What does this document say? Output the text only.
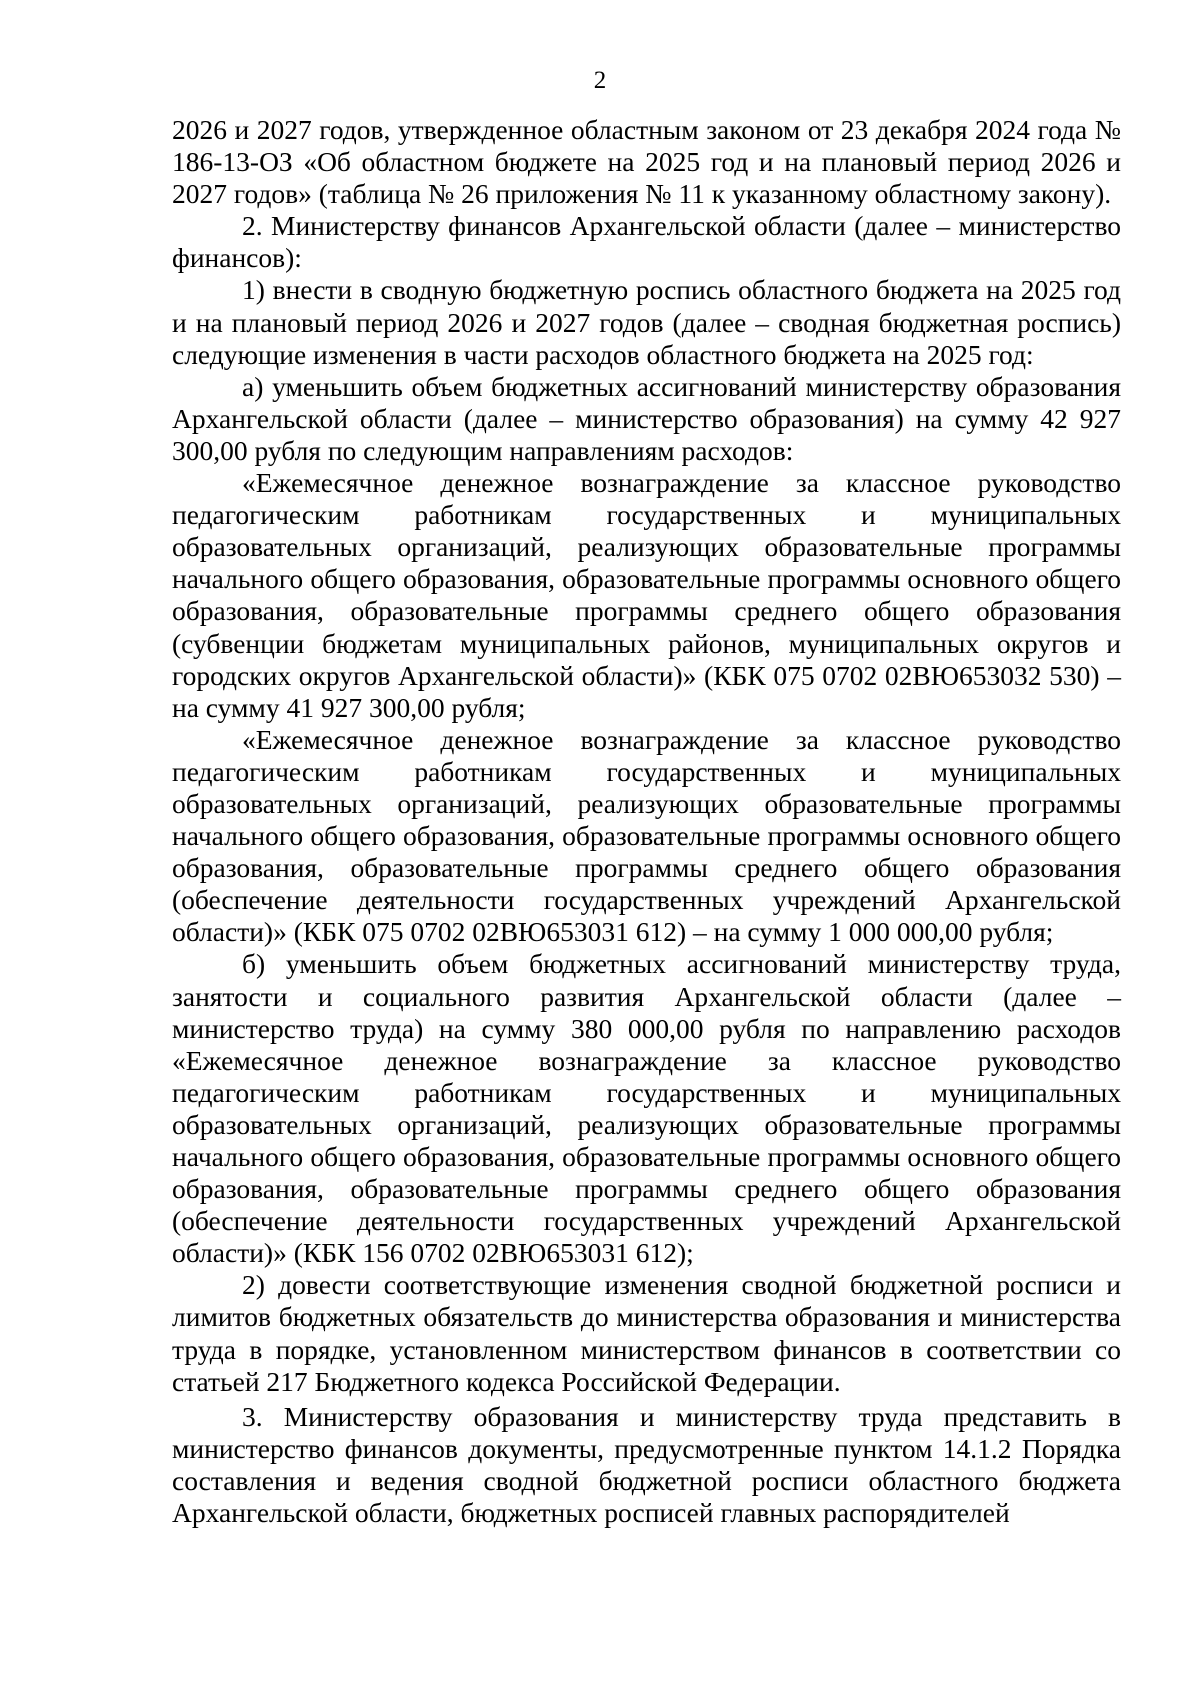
2

2026 и 2027 годов, утвержденное областным законом от 23 декабря 2024 года № 186-13-ОЗ «Об областном бюджете на 2025 год и на плановый период 2026 и 2027 годов» (таблица № 26 приложения № 11 к указанному областному закону).

2. Министерству финансов Архангельской области (далее – министерство финансов):

1) внести в сводную бюджетную роспись областного бюджета на 2025 год и на плановый период 2026 и 2027 годов (далее – сводная бюджетная роспись) следующие изменения в части расходов областного бюджета на 2025 год:

а) уменьшить объем бюджетных ассигнований министерству образования Архангельской области (далее – министерство образования) на сумму 42 927 300,00 рубля по следующим направлениям расходов:

«Ежемесячное денежное вознаграждение за классное руководство педагогическим работникам государственных и муниципальных образовательных организаций, реализующих образовательные программы начального общего образования, образовательные программы основного общего образования, образовательные программы среднего общего образования (субвенции бюджетам муниципальных районов, муниципальных округов и городских округов Архангельской области)» (КБК 075 0702 02ВЮ653032 530) – на сумму 41 927 300,00 рубля;

«Ежемесячное денежное вознаграждение за классное руководство педагогическим работникам государственных и муниципальных образовательных организаций, реализующих образовательные программы начального общего образования, образовательные программы основного общего образования, образовательные программы среднего общего образования (обеспечение деятельности государственных учреждений Архангельской области)» (КБК 075 0702 02ВЮ653031 612) – на сумму 1 000 000,00 рубля;

б) уменьшить объем бюджетных ассигнований министерству труда, занятости и социального развития Архангельской области (далее – министерство труда) на сумму 380 000,00 рубля по направлению расходов «Ежемесячное денежное вознаграждение за классное руководство педагогическим работникам государственных и муниципальных образовательных организаций, реализующих образовательные программы начального общего образования, образовательные программы основного общего образования, образовательные программы среднего общего образования (обеспечение деятельности государственных учреждений Архангельской области)» (КБК 156 0702 02ВЮ653031 612);

2) довести соответствующие изменения сводной бюджетной росписи и лимитов бюджетных обязательств до министерства образования и министерства труда в порядке, установленном министерством финансов в соответствии со статьей 217 Бюджетного кодекса Российской Федерации.

3. Министерству образования и министерству труда представить в министерство финансов документы, предусмотренные пунктом 14.1.2 Порядка составления и ведения сводной бюджетной росписи областного бюджета Архангельской области, бюджетных росписей главных распорядителей
